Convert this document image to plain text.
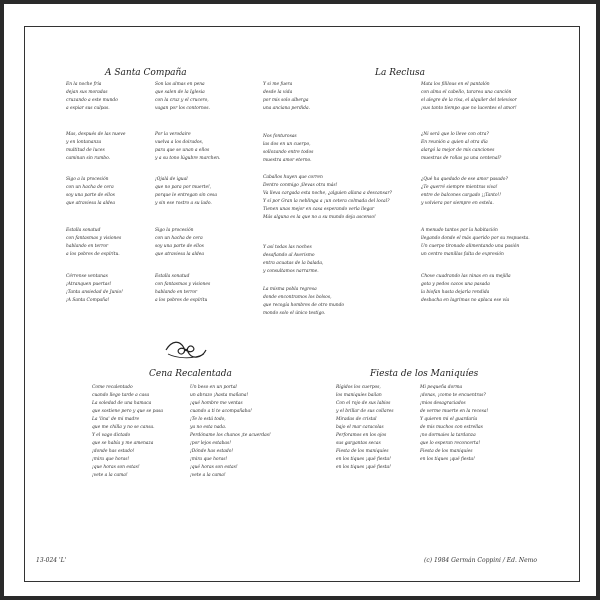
A Santa Compaña
En la noche fría
dejan sus moradas
cruzando a este mundo
a espiar sus culpas.
Mas, después de las nueve
y en lontananza
multitud de luces
caminan sin rumbo.
Sigo a la procesión
con un hacha de cera
soy una parte de ellos
que atraviesa la aldea
Estalla sonatud
con fantasmas y visiones
hablando en terror
a los pobres de espíritu.
Cérrense ventanas
¡Atranquen puertas!
¡Tanta ansiedad de Junio!
¡A Santa Compaña!
Son las almas en pena
que salen de la Iglesia
con la cruz y el crucero,
vagan por los contornos.
Por la verodaire
vuelva a los doirados,
para que se unan a ellos
y a su tono lúgubre marchen.
¡Ojalá de igual
que no para por muerte!,
porque le entregan sin cesa
y sin ese rostro a su lado.
Sigo la procesión
con un hacha de cera
soy una parte de ellos
que atraviesa la aldea
Estalla sonatud
con fantasmas y visiones
hablando en terror
a los pobres de espíritu
La Reclusa
Y si me fuera
desde la vida
por mis solo alberga
una anciana perdida.
Nos fonturosas
las dos en un cuerpo,
sollozando entre todos
muestra amor eterno.
Caballos huyen que corren
Dentro conmigo ¡llevas otra más!
Va lleva cargada esta noche, ¿alguien allana a descansar?
Y sí por Gran la neblinga a ¡un cetera colmada del local?
Tienen unas mejor en casa esperando verla llegar
Más alguna es la que no a su mundo deja ascenso!
Y así todas las noches
desafiando al Averismo
entra acuatas de la balada,
y consultamos narrarme.
La misma pobla regresa
donde encontramos los bolsos,
que recogía hombres de otro mundo
mondo solo el único testigo.
Mata los fililous en el pantalón
con alma el cabello, tararea una canción
el alegre de la risa, el alquiler del televisor
¡sus tanto tiempo que no lucentes el amor!
¿Ni será que lo lleve con otra?
En reunión a quien al otra día
alargó la mejor de mis canciones
muestras de rollas ya una centenal?
¿Qué ha quedado de ese amor pasado?
¿Te querré siempre mientras viva!
entre de balcones cargado ¡¡Tanto!!
y volviera por siempre en estela.
A menudo tantos por la habitación
llegando donde el más querido por su respuesta.
Un cuerpo tironado alimentando una pasión
un centro manillas falta de expresión
Chove cuadrando las ninas en su mejilla
gota y pedos cacos una pasada
la biofan hasta dejarla rendida
desbacha en lagrimas no aplaca ese vía
Cena Recalentada
Come recalentado
cuando llego tarde a casa
La soledad de una hamaca
que sostiene pero y que se pasa
La 'lina' de mi madre
que me chilla y no se cansa.
Y el vago dictado
que se había y me amenaza
¡donde has estado!
¡mira que horas!
¡que horas son estas!
¡vete a la cama!
Un beso en un portal
un abrazo ¡hasta mañana!
¡qué hombre me ventas
cuando a ti te acompañaba!
¡Te lo está todo,
ya no esta nada.
Perdóname los chanos ¡te acuerdas!
¡por lejos estabas!
¡Dónde has estado!
¡mira que horas!
¡qué horas son estas!
¡vete a la cama!
Fiesta de los Maniquíes
Rígidos los cuerpos,
los maniquíes bailan
Con el rojo de sus labios
y el brillar de sus collares
Miradas de cristal
bajo el mar caracolas
Perforamos en los ojos
sus gargantas secas
Fiesta de los maniquíes
en los tiques ¡qué fiesta!
en los tiques ¡qué fiesta!
Mi pequeña dorma
¡donas, ¡como te encuentras?
¡mios desagraciados
de verme muerte en la recesa!
Y quieren mi el guardaría
de mis muchos con estrellas
¡no dormaies la tardanza
que lo esperan reconcerta!
Fiesta de los maniquíes
en los tiques ¡qué fiesta!
13-024 'L'	(c) 1984 Germán Coppini / Ed. Nemo
